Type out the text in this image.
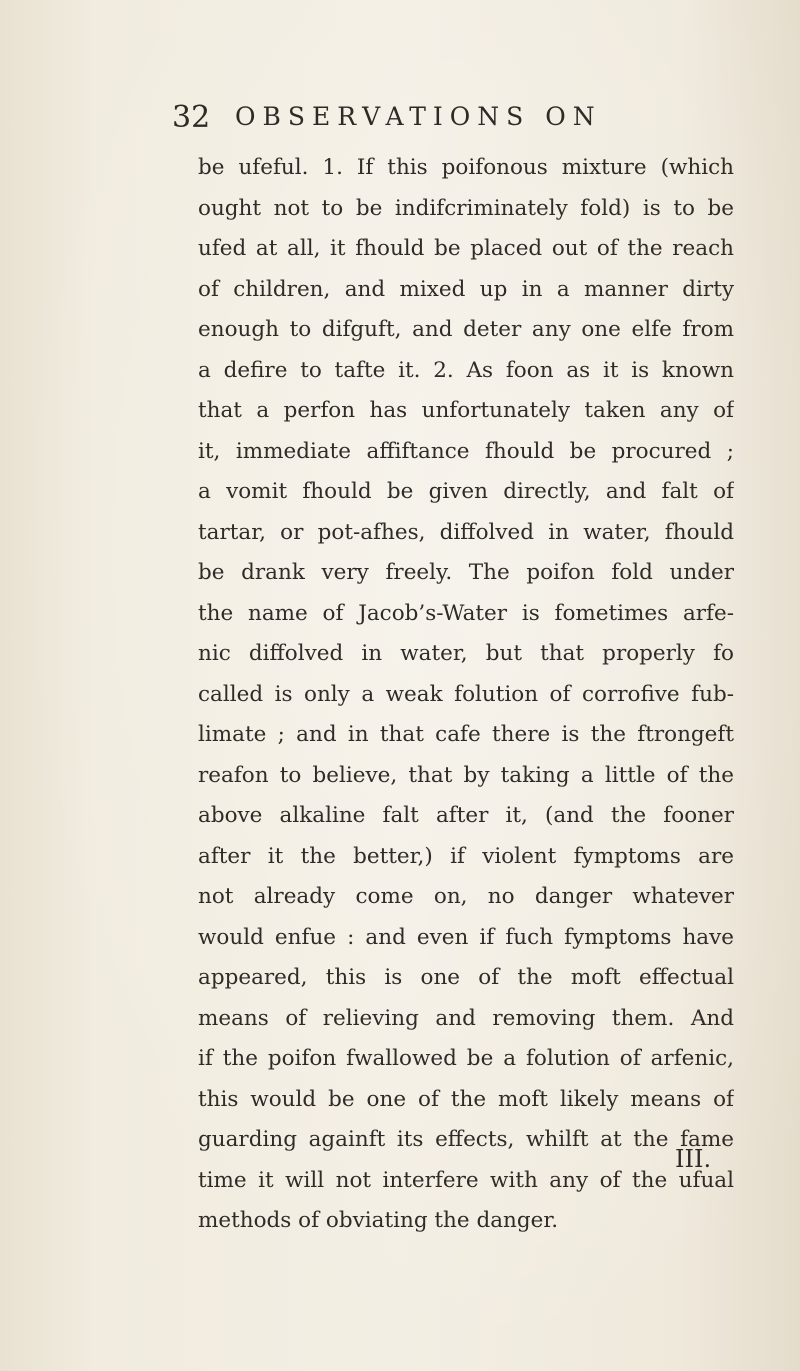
32 OBSERVATIONS ON
be ufeful. 1. If this poifonous mixture (which
ought not to be indifcriminately fold) is to be
ufed at all, it fhould be placed out of the reach
of children, and mixed up in a manner dirty
enough to difguft, and deter any one elfe from
a defire to tafte it. 2. As foon as it is known
that a perfon has unfortunately taken any of
it, immediate affiftance fhould be procured ;
a vomit fhould be given directly, and falt of
tartar, or pot-afhes, diffolved in water, fhould
be drank very freely. The poifon fold under
the name of Jacob’s-Water is fometimes arfe-
nic diffolved in water, but that properly fo
called is only a weak folution of corrofive fub-
limate ; and in that cafe there is the ftrongeft
reafon to believe, that by taking a little of the
above alkaline falt after it, (and the fooner
after it the better,) if violent fymptoms are
not already come on, no danger whatever
would enfue : and even if fuch fymptoms have
appeared, this is one of the moft effectual
means of relieving and removing them. And
if the poifon fwallowed be a folution of arfenic,
this would be one of the moft likely means of
guarding againft its effects, whilft at the fame
time it will not interfere with any of the ufual
methods of obviating the danger.
III.
